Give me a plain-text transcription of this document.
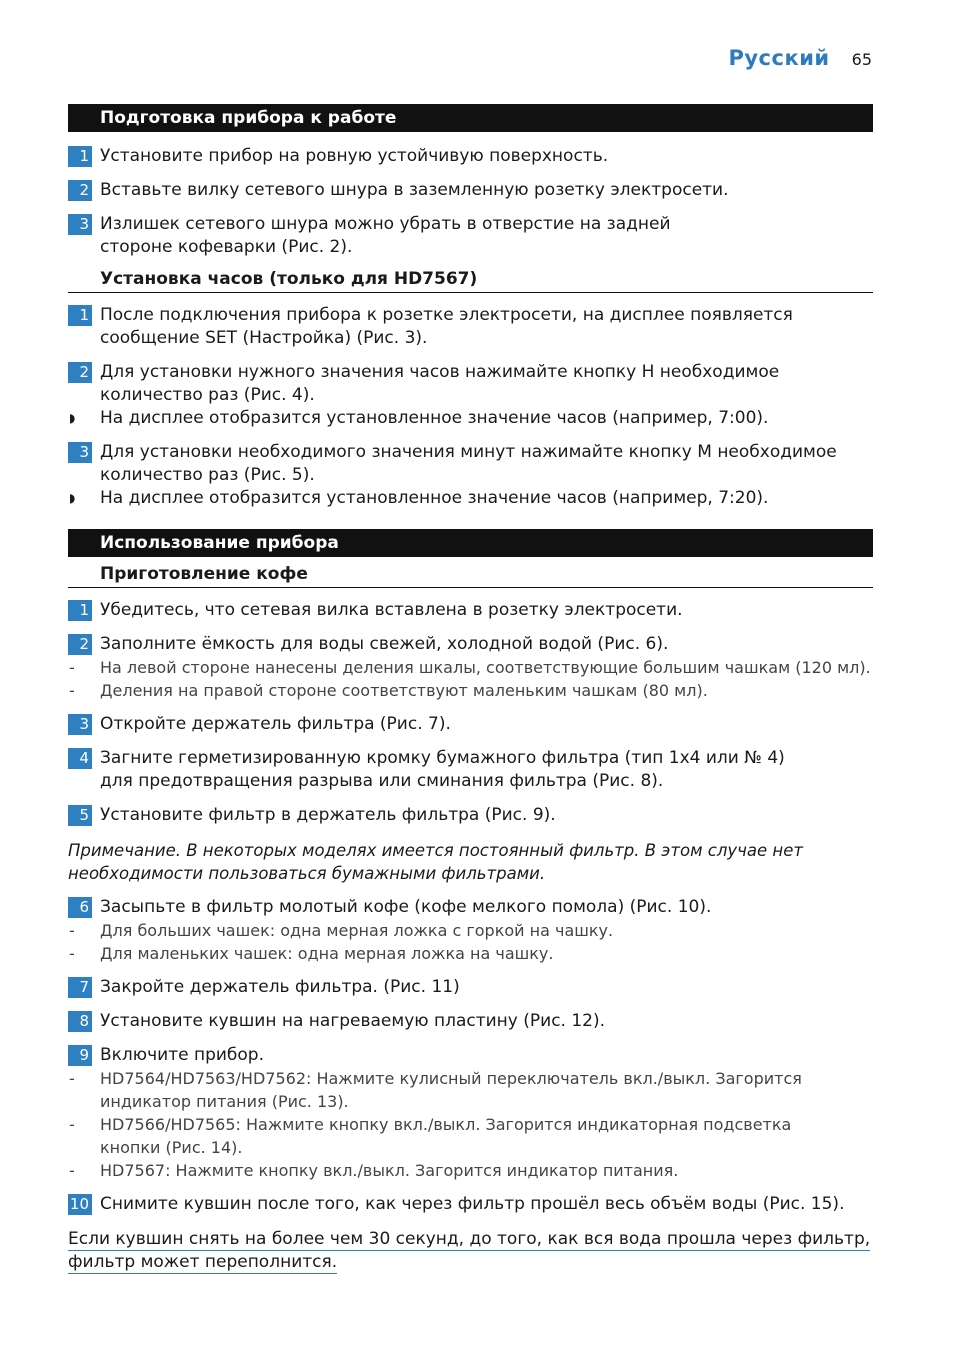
Русский 65
Подготовка прибора к работе
1 Установите прибор на ровную устойчивую поверхность.
2 Вставьте вилку сетевого шнура в заземленную розетку электросети.
3 Излишек сетевого шнура можно убрать в отверстие на задней стороне кофеварки (Рис. 2).
Установка часов (только для HD7567)
1 После подключения прибора к розетке электросети, на дисплее появляется сообщение SET (Настройка) (Рис. 3).
2 Для установки нужного значения часов нажимайте кнопку H необходимое количество раз (Рис. 4).
◗	На дисплее отобразится установленное значение часов (например, 7:00).
3 Для установки необходимого значения минут нажимайте кнопку M необходимое количество раз (Рис. 5).
◗	На дисплее отобразится установленное значение часов (например, 7:20).
Использование прибора
Приготовление кофе
1 Убедитесь, что сетевая вилка вставлена в розетку электросети.
2 Заполните ёмкость для воды свежей, холодной водой (Рис. 6).
-	На левой стороне нанесены деления шкалы, соответствующие большим чашкам (120 мл).
-	Деления на правой стороне соответствуют маленьким чашкам (80 мл).
3 Откройте держатель фильтра (Рис. 7).
4 Загните герметизированную кромку бумажного фильтра (тип 1x4 или № 4) для предотвращения разрыва или сминания фильтра (Рис. 8).
5 Установите фильтр в держатель фильтра (Рис. 9).
Примечание. В некоторых моделях имеется постоянный фильтр. В этом случае нет необходимости пользоваться бумажными фильтрами.
6 Засыпьте в фильтр молотый кофе (кофе мелкого помола) (Рис. 10).
-	Для больших чашек: одна мерная ложка с горкой на чашку.
-	Для маленьких чашек: одна мерная ложка на чашку.
7 Закройте держатель фильтра. (Рис. 11)
8 Установите кувшин на нагреваемую пластину (Рис. 12).
9 Включите прибор.
-	HD7564/HD7563/HD7562: Нажмите кулисный переключатель вкл./выкл. Загорится индикатор питания (Рис. 13).
-	HD7566/HD7565: Нажмите кнопку вкл./выкл. Загорится индикаторная подсветка кнопки (Рис. 14).
-	HD7567: Нажмите кнопку вкл./выкл. Загорится индикатор питания.
10 Снимите кувшин после того, как через фильтр прошёл весь объём воды (Рис. 15).
Если кувшин снять на более чем 30 секунд, до того, как вся вода прошла через фильтр,
фильтр может переполнится.
